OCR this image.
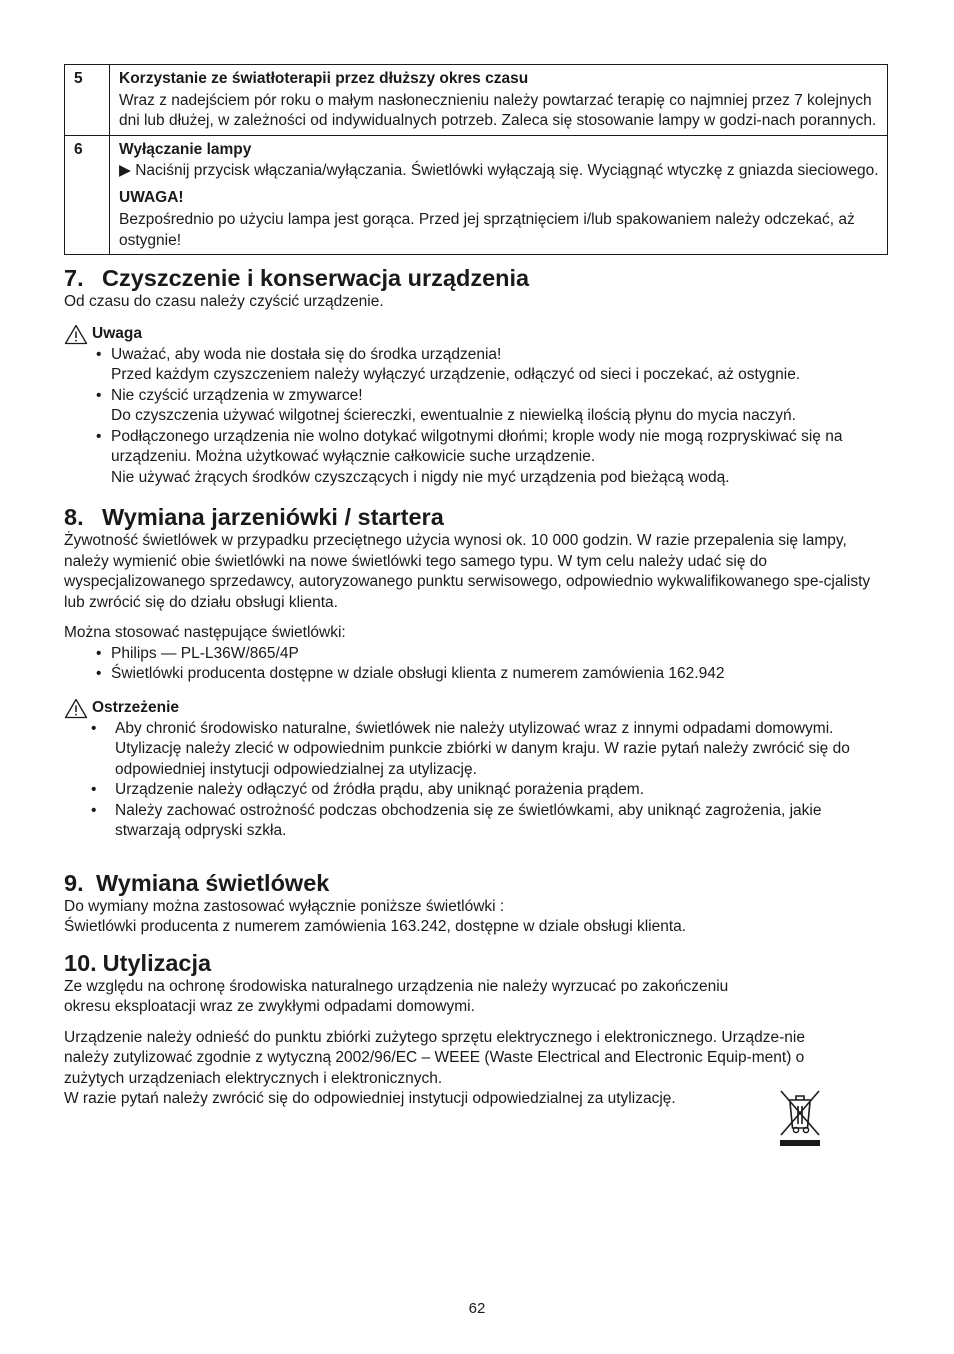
5	Korzystanie ze światłoterapii przez dłuższy okres czasu

Wraz z nadejściem pór roku o małym nasłonecznieniu należy powtarzać terapię co najmniej przez 7 kolejnych dni lub dłużej, w zależności od indywidualnych potrzeb. Zaleca się stosowanie lampy w godzi-nach porannych.

6	Wyłączanie lampy

▶ Naciśnij przycisk włączania/wyłączania. Świetlówki wyłączają się. Wyciągnąć wtyczkę z gniazda sieciowego.

UWAGA!

Bezpośrednio po użyciu lampa jest gorąca. Przed jej sprzątnięciem i/lub spakowaniem należy odczekać, aż ostygnie!

7. Czyszczenie i konserwacja urządzenia

Od czasu do czasu należy czyścić urządzenie.

Uwaga
• Uważać, aby woda nie dostała się do środka urządzenia!
Przed każdym czyszczeniem należy wyłączyć urządzenie, odłączyć od sieci i poczekać, aż ostygnie.
• Nie czyścić urządzenia w zmywarce!
Do czyszczenia używać wilgotnej ściereczki, ewentualnie z niewielką ilością płynu do mycia naczyń.
• Podłączonego urządzenia nie wolno dotykać wilgotnymi dłońmi; krople wody nie mogą rozpryskiwać się na urządzeniu. Można użytkować wyłącznie całkowicie suche urządzenie.
Nie używać żrących środków czyszczących i nigdy nie myć urządzenia pod bieżącą wodą.
8. Wymiana jarzeniówki / startera

Żywotność świetlówek w przypadku przeciętnego użycia wynosi ok. 10 000 godzin. W razie przepalenia się lampy, należy wymienić obie świetlówki na nowe świetlówki tego samego typu. W tym celu należy udać się do wyspecjalizowanego sprzedawcy, autoryzowanego punktu serwisowego, odpowiednio wykwalifikowanego spe-cjalisty lub zwrócić się do działu obsługi klienta.

Można stosować następujące świetlówki:

• Philips — PL-L36W/865/4P
• Świetlówki producenta dostępne w dziale obsługi klienta z numerem zamówienia 162.942
Ostrzeżenie
• Aby chronić środowisko naturalne, świetlówek nie należy utylizować wraz z innymi odpadami domowymi. Utylizację należy zlecić w odpowiednim punkcie zbiórki w danym kraju. W razie pytań należy zwrócić się do odpowiedniej instytucji odpowiedzialnej za utylizację.
• Urządzenie należy odłączyć od źródła prądu, aby uniknąć porażenia prądem.
• Należy zachować ostrożność podczas obchodzenia się ze świetlówkami, aby uniknąć zagrożenia, jakie stwarzają odpryski szkła.
9. Wymiana świetlówek

Do wymiany można zastosować wyłącznie poniższe świetlówki :

Świetlówki producenta z numerem zamówienia 163.242, dostępne w dziale obsługi klienta.

10. Utylizacja

Ze względu na ochronę środowiska naturalnego urządzenia nie należy wyrzucać po zakończeniu okresu eksploatacji wraz ze zwykłymi odpadami domowymi.

Urządzenie należy odnieść do punktu zbiórki zużytego sprzętu elektrycznego i elektronicznego. Urządze-nie należy zutylizować zgodnie z wytyczną 2002/96/EC – WEEE (Waste Electrical and Electronic Equip-ment) o zużytych urządzeniach elektrycznych i elektronicznych.

W razie pytań należy zwrócić się do odpowiedniej instytucji odpowiedzialnej za utylizację.

62
